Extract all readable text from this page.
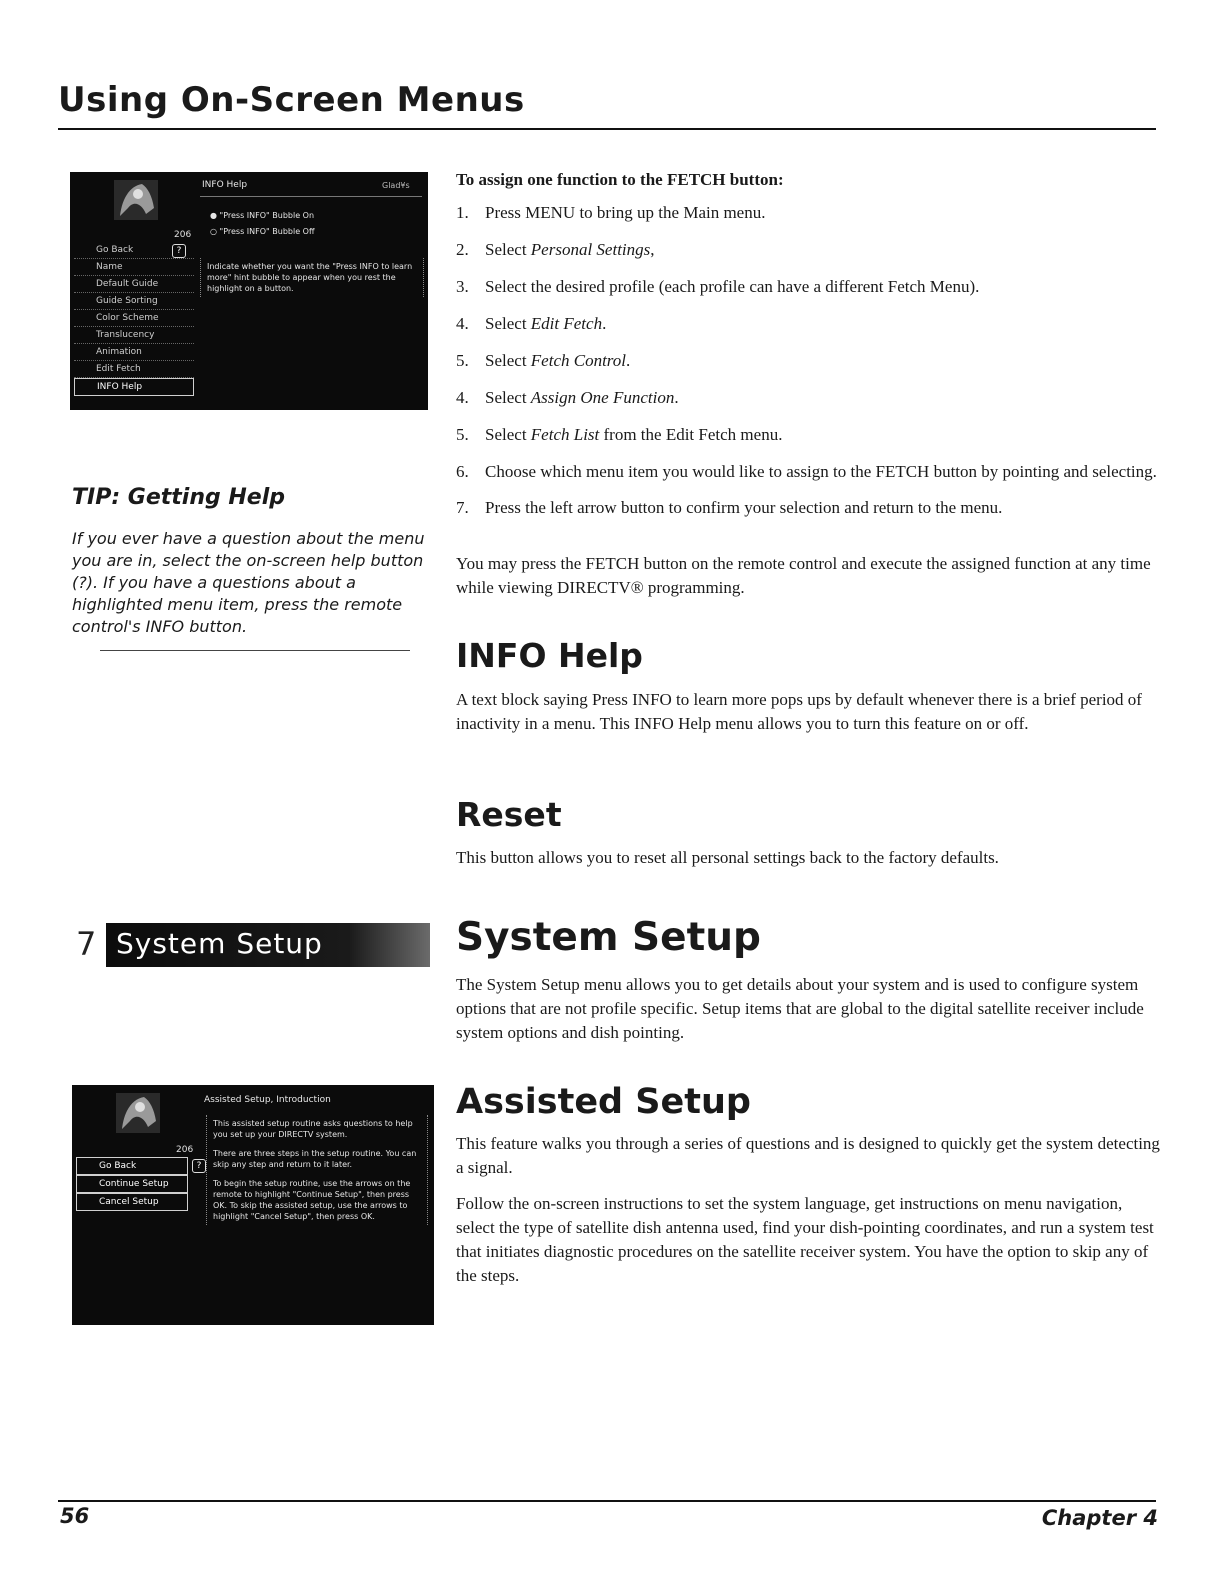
Using On-Screen Menus
INFO Help	Glad¥s
206
● "Press INFO" Bubble On
○ "Press INFO" Bubble Off
?
Indicate whether you want the "Press INFO to learn more" hint bubble to appear when you rest the highlight on a button.
Go Back
Name
Default Guide
Guide Sorting
Color Scheme
Translucency
Animation
Edit Fetch
INFO Help
TIP: Getting Help

If you ever have a question about the menu you are in, select the on-screen help button (?). If you have a questions about a highlighted menu item, press the remote control's INFO button.

To assign one function to the FETCH button:
1. Press MENU to bring up the Main menu.
2. Select Personal Settings,
3. Select the desired profile (each profile can have a different Fetch Menu).
4. Select Edit Fetch.
5. Select Fetch Control.
4. Select Assign One Function.
5. Select Fetch List from the Edit Fetch menu.
6. Choose which menu item you would like to assign to the FETCH button by pointing and selecting.
7. Press the left arrow button to confirm your selection and return to the menu.

You may press the FETCH button on the remote control and execute the assigned function at any time while viewing DIRECTV® programming.

INFO Help

A text block saying Press INFO to learn more pops ups by default whenever there is a brief period of inactivity in a menu. This INFO Help menu allows you to turn this feature on or off.

Reset

This button allows you to reset all personal settings back to the factory defaults.

7 System Setup	System Setup

The System Setup menu allows you to get details about your system and is used to configure system options that are not profile specific. Setup items that are global to the digital satellite receiver include system options and dish pointing.

Assisted Setup, Introduction
206
?
Go Back
Continue Setup
Cancel Setup
This assisted setup routine asks questions to help you set up your DIRECTV system.
There are three steps in the setup routine. You can skip any step and return to it later.
To begin the setup routine, use the arrows on the remote to highlight "Continue Setup", then press OK. To skip the assisted setup, use the arrows to highlight "Cancel Setup", then press OK.
Assisted Setup

This feature walks you through a series of questions and is designed to quickly get the system detecting a signal.

Follow the on-screen instructions to set the system language, get instructions on menu navigation, select the type of satellite dish antenna used, find your dish-pointing coordinates, and run a system test that initiates diagnostic procedures on the satellite receiver system. You have the option to skip any of the steps.

56	Chapter 4
